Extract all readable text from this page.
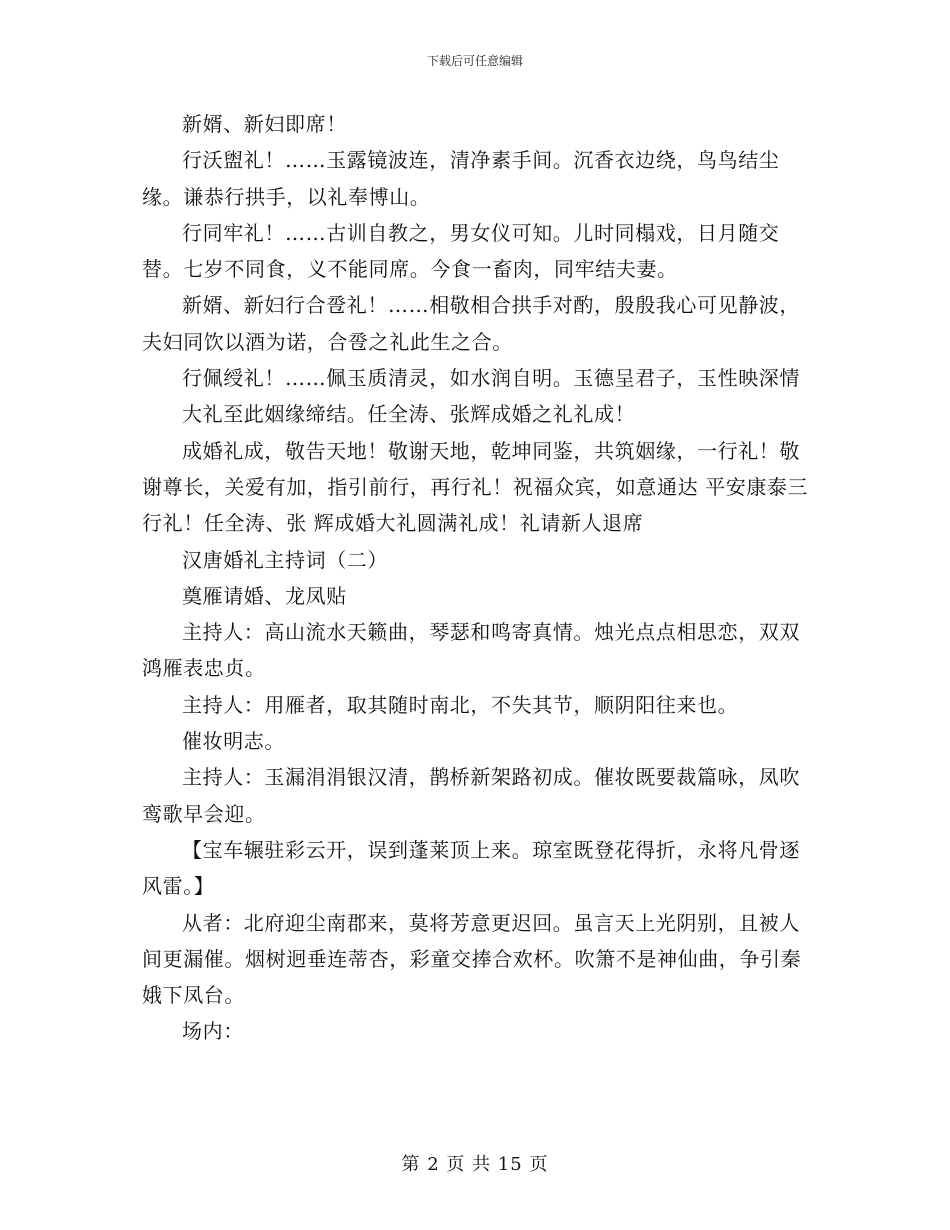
下载后可任意编辑

新婿、新妇即席！

行沃盥礼！……玉露镜波连，清净素手间。沉香衣边绕，鸟鸟结尘缘。谦恭行拱手，以礼奉博山。

行同牢礼！……古训自教之，男女仪可知。儿时同榻戏，日月随交替。七岁不同食，义不能同席。今食一畜肉，同牢结夫妻。

新婿、新妇行合卺礼！……相敬相合拱手对酌，殷殷我心可见静波，夫妇同饮以酒为诺，合卺之礼此生之合。

行佩绶礼！……佩玉质清灵，如水润自明。玉德呈君子，玉性映深情

大礼至此姻缘缔结。任全涛、张辉成婚之礼礼成！

成婚礼成，敬告天地！敬谢天地，乾坤同鉴，共筑姻缘，一行礼！敬谢尊长，关爱有加，指引前行，再行礼！祝福众宾，如意通达 平安康泰三行礼！任全涛、张 辉成婚大礼圆满礼成！礼请新人退席

汉唐婚礼主持词（二）

奠雁请婚、龙凤贴

主持人：高山流水天籁曲，琴瑟和鸣寄真情。烛光点点相思恋，双双鸿雁表忠贞。

主持人：用雁者，取其随时南北，不失其节，顺阴阳往来也。

催妆明志。

主持人：玉漏涓涓银汉清，鹊桥新架路初成。催妆既要裁篇咏，凤吹鸾歌早会迎。

【宝车辗驻彩云开，误到蓬莱顶上来。琼室既登花得折，永将凡骨逐风雷。】

从者：北府迎尘南郡来，莫将芳意更迟回。虽言天上光阴别，且被人间更漏催。烟树迥垂连蒂杏，彩童交捧合欢杯。吹箫不是神仙曲，争引秦娥下凤台。

场内：

第 2 页 共 15 页
